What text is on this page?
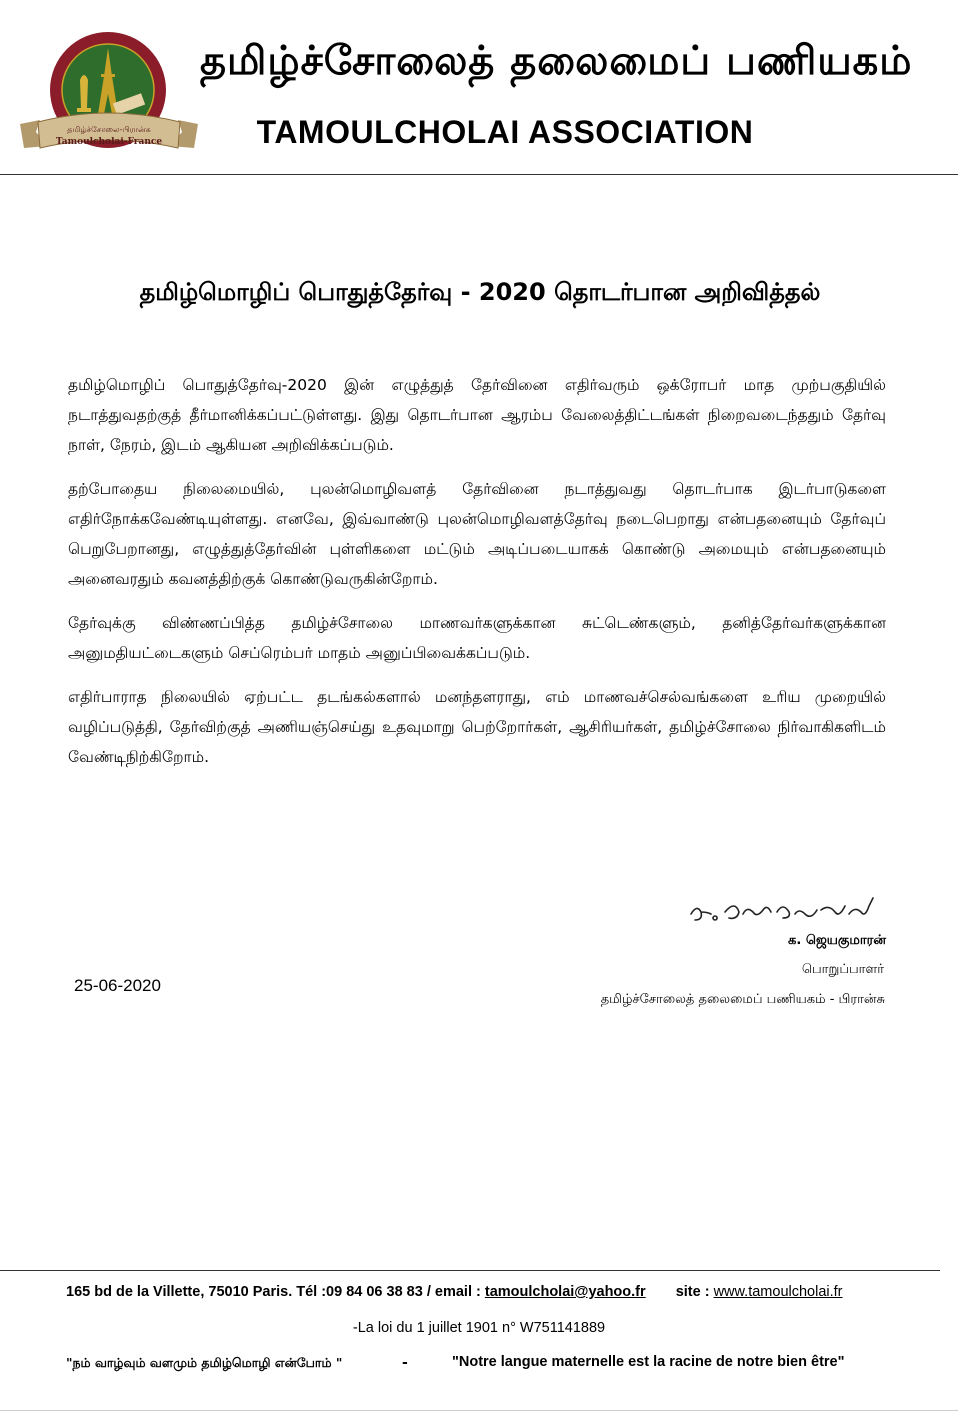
தமிழ்ச்சோலை-பிரான்சு
Tamoulcholai-France
தமிழ்ச்சோலைத் தலைமைப் பணியகம்
TAMOULCHOLAI ASSOCIATION
தமிழ்மொழிப் பொதுத்தேர்வு - 2020 தொடர்பான அறிவித்தல்

தமிழ்மொழிப் பொதுத்தேர்வு-2020 இன் எழுத்துத் தேர்வினை எதிர்வரும் ஒக்ரோபர் மாத முற்பகுதியில் நடாத்துவதற்குத் தீர்மானிக்கப்பட்டுள்ளது. இது தொடர்பான ஆரம்ப வேலைத்திட்டங்கள் நிறைவடைந்ததும் தேர்வு நாள், நேரம், இடம் ஆகியன அறிவிக்கப்படும்.

தற்போதைய நிலைமையில், புலன்மொழிவளத் தேர்வினை நடாத்துவது தொடர்பாக இடர்பாடுகளை எதிர்நோக்கவேண்டியுள்ளது. எனவே, இவ்வாண்டு புலன்மொழிவளத்தேர்வு நடைபெறாது என்பதனையும் தேர்வுப் பெறுபேறானது, எழுத்துத்தேர்வின் புள்ளிகளை மட்டும் அடிப்படையாகக் கொண்டு அமையும் என்பதனையும் அனைவரதும் கவனத்திற்குக் கொண்டுவருகின்றோம்.

தேர்வுக்கு விண்ணப்பித்த தமிழ்ச்சோலை மாணவர்களுக்கான சுட்டெண்களும், தனித்தேர்வர்களுக்கான அனுமதியட்டைகளும் செப்ரெம்பர் மாதம் அனுப்பிவைக்கப்படும்.

எதிர்பாராத நிலையில் ஏற்பட்ட தடங்கல்களால் மனந்தளராது, எம் மாணவச்செல்வங்களை உரிய முறையில் வழிப்படுத்தி, தேர்விற்குத் அணியஞ்செய்து உதவுமாறு பெற்றோர்கள், ஆசிரியர்கள், தமிழ்ச்சோலை நிர்வாகிகளிடம் வேண்டிநிற்கிறோம்.

க. ஜெயகுமாரன்
பொறுப்பாளர்
தமிழ்ச்சோலைத் தலைமைப் பணியகம் - பிரான்சு
25-06-2020
165 bd de la Villette, 75010 Paris. Tél :09 84 06 38 83 / email : tamoulcholai@yahoo.fr site : www.tamoulcholai.fr
-La loi du 1 juillet 1901 n° W751141889
"நம் வாழ்வும் வளமும் தமிழ்மொழி என்போம் "	-	"Notre langue maternelle est la racine de notre bien être"
